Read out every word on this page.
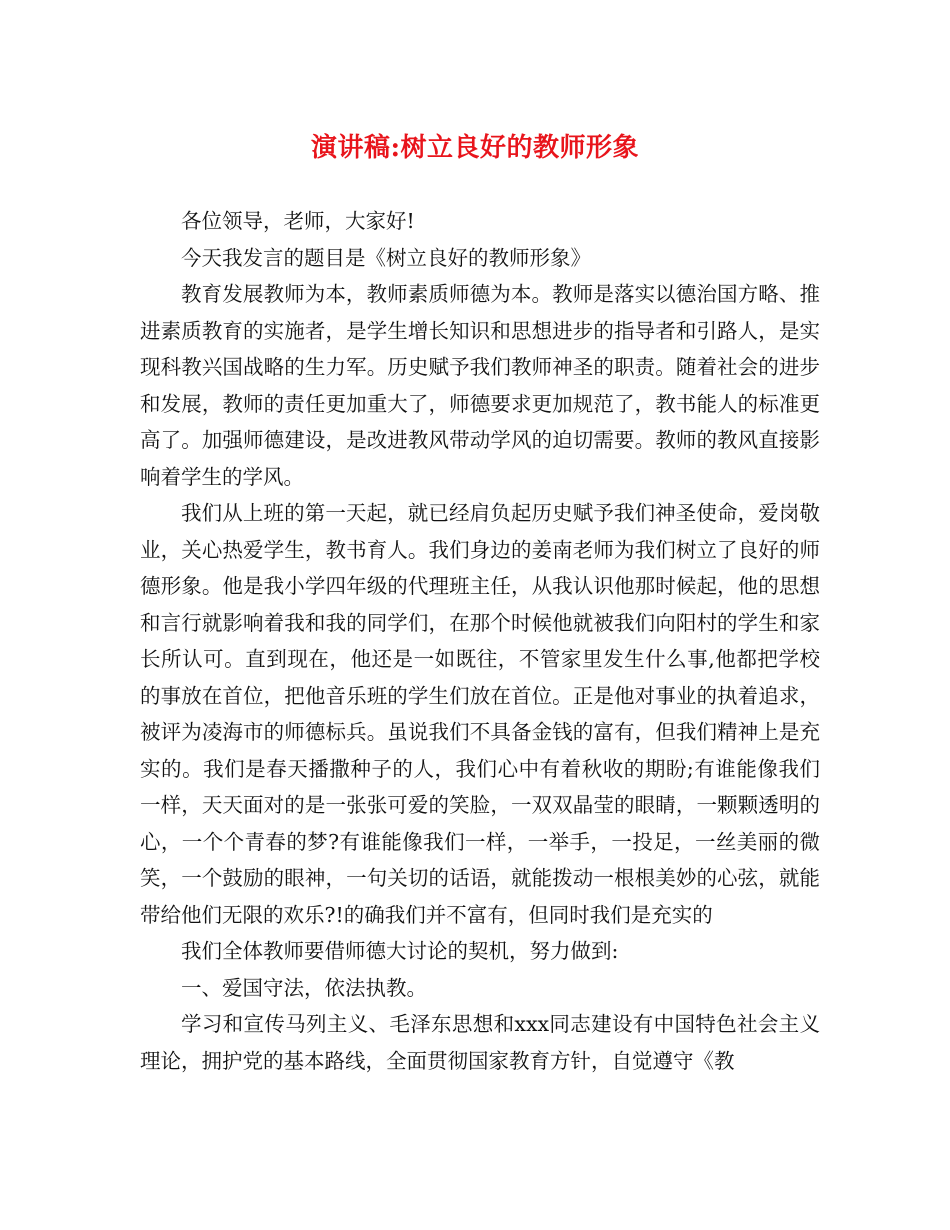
演讲稿:树立良好的教师形象

各位领导，老师，大家好!

今天我发言的题目是《树立良好的教师形象》

教育发展教师为本，教师素质师德为本。教师是落实以德治国方略、推进素质教育的实施者，是学生增长知识和思想进步的指导者和引路人，是实现科教兴国战略的生力军。历史赋予我们教师神圣的职责。随着社会的进步和发展，教师的责任更加重大了，师德要求更加规范了，教书能人的标准更高了。加强师德建设，是改进教风带动学风的迫切需要。教师的教风直接影响着学生的学风。

我们从上班的第一天起，就已经肩负起历史赋予我们神圣使命，爱岗敬业，关心热爱学生，教书育人。我们身边的姜南老师为我们树立了良好的师德形象。他是我小学四年级的代理班主任，从我认识他那时候起，他的思想和言行就影响着我和我的同学们，在那个时候他就被我们向阳村的学生和家长所认可。直到现在，他还是一如既往，不管家里发生什么事,他都把学校的事放在首位，把他音乐班的学生们放在首位。正是他对事业的执着追求，被评为凌海市的师德标兵。虽说我们不具备金钱的富有，但我们精神上是充实的。我们是春天播撒种子的人，我们心中有着秋收的期盼;有谁能像我们一样，天天面对的是一张张可爱的笑脸，一双双晶莹的眼睛，一颗颗透明的心，一个个青春的梦?有谁能像我们一样，一举手，一投足，一丝美丽的微笑，一个鼓励的眼神，一句关切的话语，就能拨动一根根美妙的心弦，就能带给他们无限的欢乐?!的确我们并不富有，但同时我们是充实的

我们全体教师要借师德大讨论的契机，努力做到:

一、爱国守法，依法执教。

学习和宣传马列主义、毛泽东思想和xxx同志建设有中国特色社会主义理论，拥护党的基本路线，全面贯彻国家教育方针，自觉遵守《教
